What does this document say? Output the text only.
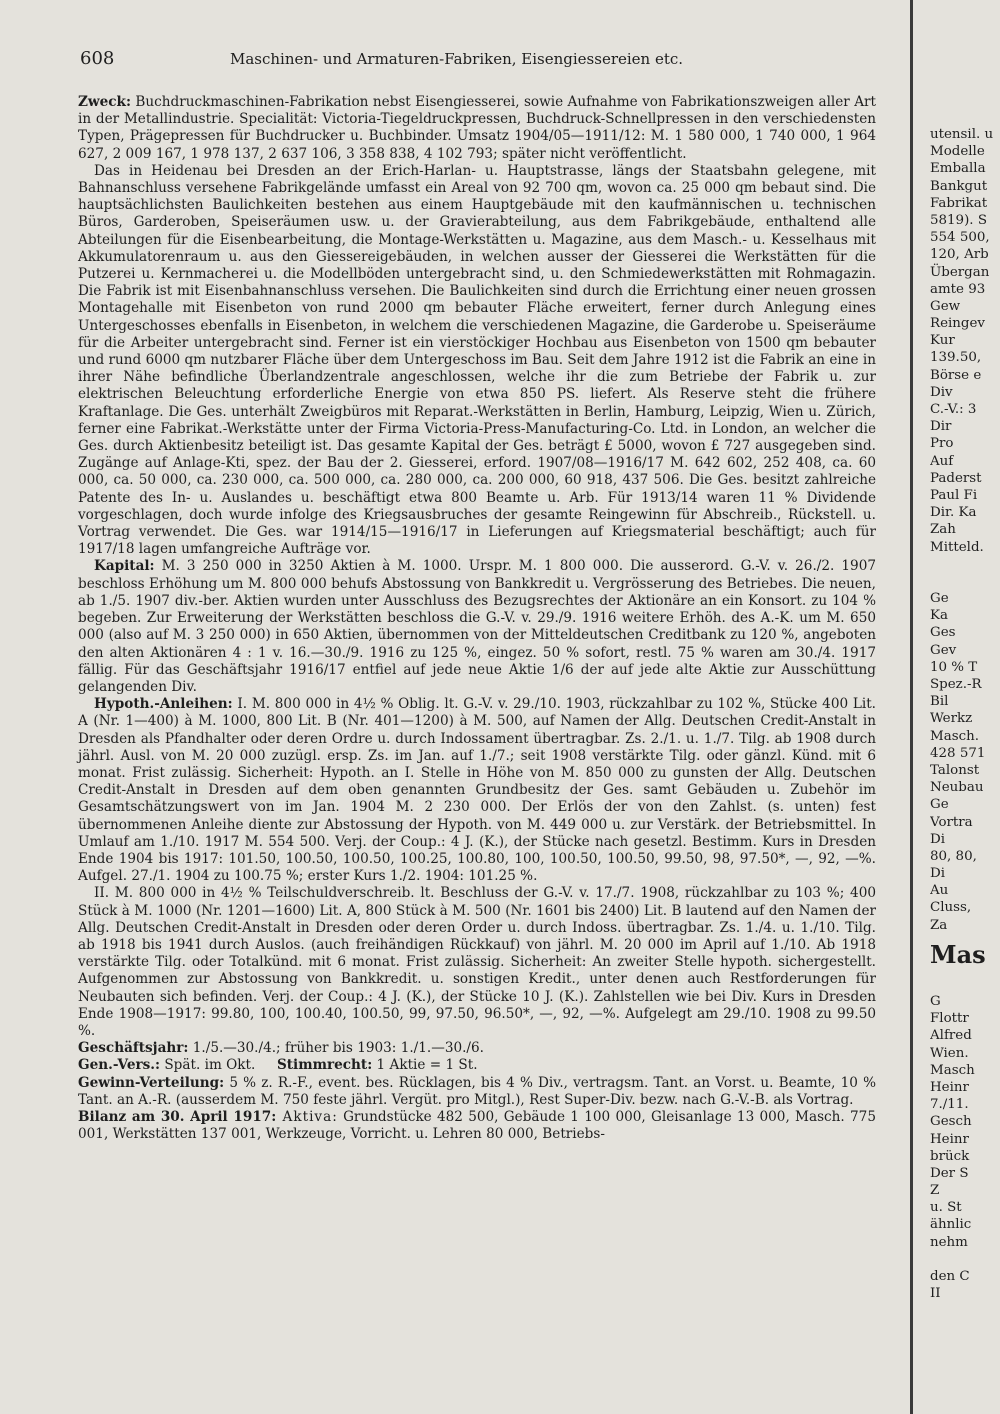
608	Maschinen- und Armaturen-Fabriken, Eisengiessereien etc.

Zweck: Buchdruckmaschinen-Fabrikation nebst Eisengiesserei, sowie Aufnahme von Fabrikationszweigen aller Art in der Metallindustrie. Specialität: Victoria-Tiegeldruckpressen, Buchdruck-Schnellpressen in den verschiedensten Typen, Prägepressen für Buchdrucker u. Buchbinder. Umsatz 1904/05—1911/12: M. 1 580 000, 1 740 000, 1 964 627, 2 009 167, 1 978 137, 2 637 106, 3 358 838, 4 102 793; später nicht veröffentlicht.

Das in Heidenau bei Dresden an der Erich-Harlan- u. Hauptstrasse, längs der Staatsbahn gelegene, mit Bahnanschluss versehene Fabrikgelände umfasst ein Areal von 92 700 qm, wovon ca. 25 000 qm bebaut sind. Die hauptsächlichsten Baulichkeiten bestehen aus einem Hauptgebäude mit den kaufmännischen u. technischen Büros, Garderoben, Speiseräumen usw. u. der Gravierabteilung, aus dem Fabrikgebäude, enthaltend alle Abteilungen für die Eisenbearbeitung, die Montage-Werkstätten u. Magazine, aus dem Masch.- u. Kesselhaus mit Akkumulatorenraum u. aus den Giessereigebäuden, in welchen ausser der Giesserei die Werkstätten für die Putzerei u. Kernmacherei u. die Modellböden untergebracht sind, u. den Schmiedewerkstätten mit Rohmagazin. Die Fabrik ist mit Eisenbahnanschluss versehen. Die Baulichkeiten sind durch die Errichtung einer neuen grossen Montagehalle mit Eisenbeton von rund 2000 qm bebauter Fläche erweitert, ferner durch Anlegung eines Untergeschosses ebenfalls in Eisenbeton, in welchem die verschiedenen Magazine, die Garderobe u. Speiseräume für die Arbeiter untergebracht sind. Ferner ist ein vierstöckiger Hochbau aus Eisenbeton von 1500 qm bebauter und rund 6000 qm nutzbarer Fläche über dem Untergeschoss im Bau. Seit dem Jahre 1912 ist die Fabrik an eine in ihrer Nähe befindliche Überlandzentrale angeschlossen, welche ihr die zum Betriebe der Fabrik u. zur elektrischen Beleuchtung erforderliche Energie von etwa 850 PS. liefert. Als Reserve steht die frühere Kraftanlage. Die Ges. unterhält Zweigbüros mit Reparat.-Werkstätten in Berlin, Hamburg, Leipzig, Wien u. Zürich, ferner eine Fabrikat.-Werkstätte unter der Firma Victoria-Press-Manufacturing-Co. Ltd. in London, an welcher die Ges. durch Aktienbesitz beteiligt ist. Das gesamte Kapital der Ges. beträgt £ 5000, wovon £ 727 ausgegeben sind. Zugänge auf Anlage-Kti, spez. der Bau der 2. Giesserei, erford. 1907/08—1916/17 M. 642 602, 252 408, ca. 60 000, ca. 50 000, ca. 230 000, ca. 500 000, ca. 280 000, ca. 200 000, 60 918, 437 506. Die Ges. besitzt zahlreiche Patente des In- u. Auslandes u. beschäftigt etwa 800 Beamte u. Arb. Für 1913/14 waren 11 % Dividende vorgeschlagen, doch wurde infolge des Kriegsausbruches der gesamte Reingewinn für Abschreib., Rückstell. u. Vortrag verwendet. Die Ges. war 1914/15—1916/17 in Lieferungen auf Kriegsmaterial beschäftigt; auch für 1917/18 lagen umfangreiche Aufträge vor.

Kapital: M. 3 250 000 in 3250 Aktien à M. 1000. Urspr. M. 1 800 000. Die ausserord. G.-V. v. 26./2. 1907 beschloss Erhöhung um M. 800 000 behufs Abstossung von Bankkredit u. Vergrösserung des Betriebes. Die neuen, ab 1./5. 1907 div.-ber. Aktien wurden unter Ausschluss des Bezugsrechtes der Aktionäre an ein Konsort. zu 104 % begeben. Zur Erweiterung der Werkstätten beschloss die G.-V. v. 29./9. 1916 weitere Erhöh. des A.-K. um M. 650 000 (also auf M. 3 250 000) in 650 Aktien, übernommen von der Mitteldeutschen Creditbank zu 120 %, angeboten den alten Aktionären 4 : 1 v. 16.—30./9. 1916 zu 125 %, eingez. 50 % sofort, restl. 75 % waren am 30./4. 1917 fällig. Für das Geschäftsjahr 1916/17 entfiel auf jede neue Aktie 1/6 der auf jede alte Aktie zur Ausschüttung gelangenden Div.

Hypoth.-Anleihen: I. M. 800 000 in 4½ % Oblig. lt. G.-V. v. 29./10. 1903, rückzahlbar zu 102 %, Stücke 400 Lit. A (Nr. 1—400) à M. 1000, 800 Lit. B (Nr. 401—1200) à M. 500, auf Namen der Allg. Deutschen Credit-Anstalt in Dresden als Pfandhalter oder deren Ordre u. durch Indossament übertragbar. Zs. 2./1. u. 1./7. Tilg. ab 1908 durch jährl. Ausl. von M. 20 000 zuzügl. ersp. Zs. im Jan. auf 1./7.; seit 1908 verstärkte Tilg. oder gänzl. Künd. mit 6 monat. Frist zulässig. Sicherheit: Hypoth. an I. Stelle in Höhe von M. 850 000 zu gunsten der Allg. Deutschen Credit-Anstalt in Dresden auf dem oben genannten Grundbesitz der Ges. samt Gebäuden u. Zubehör im Gesamtschätzungswert von im Jan. 1904 M. 2 230 000. Der Erlös der von den Zahlst. (s. unten) fest übernommenen Anleihe diente zur Abstossung der Hypoth. von M. 449 000 u. zur Verstärk. der Betriebsmittel. In Umlauf am 1./10. 1917 M. 554 500. Verj. der Coup.: 4 J. (K.), der Stücke nach gesetzl. Bestimm. Kurs in Dresden Ende 1904 bis 1917: 101.50, 100.50, 100.50, 100.25, 100.80, 100, 100.50, 100.50, 99.50, 98, 97.50*, —, 92, —%. Aufgel. 27./1. 1904 zu 100.75 %; erster Kurs 1./2. 1904: 101.25 %.

II. M. 800 000 in 4½ % Teilschuldverschreib. lt. Beschluss der G.-V. v. 17./7. 1908, rückzahlbar zu 103 %; 400 Stück à M. 1000 (Nr. 1201—1600) Lit. A, 800 Stück à M. 500 (Nr. 1601 bis 2400) Lit. B lautend auf den Namen der Allg. Deutschen Credit-Anstalt in Dresden oder deren Order u. durch Indoss. übertragbar. Zs. 1./4. u. 1./10. Tilg. ab 1918 bis 1941 durch Auslos. (auch freihändigen Rückkauf) von jährl. M. 20 000 im April auf 1./10. Ab 1918 verstärkte Tilg. oder Totalkünd. mit 6 monat. Frist zulässig. Sicherheit: An zweiter Stelle hypoth. sichergestellt. Aufgenommen zur Abstossung von Bankkredit. u. sonstigen Kredit., unter denen auch Restforderungen für Neubauten sich befinden. Verj. der Coup.: 4 J. (K.), der Stücke 10 J. (K.). Zahlstellen wie bei Div. Kurs in Dresden Ende 1908—1917: 99.80, 100, 100.40, 100.50, 99, 97.50, 96.50*, —, 92, —%. Aufgelegt am 29./10. 1908 zu 99.50 %.

Geschäftsjahr: 1./5.—30./4.; früher bis 1903: 1./1.—30./6.

Gen.-Vers.: Spät. im Okt. Stimmrecht: 1 Aktie = 1 St.

Gewinn-Verteilung: 5 % z. R.-F., event. bes. Rücklagen, bis 4 % Div., vertragsm. Tant. an Vorst. u. Beamte, 10 % Tant. an A.-R. (ausserdem M. 750 feste jährl. Vergüt. pro Mitgl.), Rest Super-Div. bezw. nach G.-V.-B. als Vortrag.

Bilanz am 30. April 1917: Aktiva: Grundstücke 482 500, Gebäude 1 100 000, Gleisanlage 13 000, Masch. 775 001, Werkstätten 137 001, Werkzeuge, Vorricht. u. Lehren 80 000, Betriebs-

utensil. u
Modelle
Emballa
Bankgut
Fabrikat
5819). S
554 500,
120, Arb
Übergan
amte 93
Gew
Reingev
Kur
139.50,
Börse e
Div
C.-V.: 3
Dir
Pro
Auf
Paderst
Paul Fi
Dir. Ka
Zah
Mitteld.
Ge
Ka
Ges
Gev
10 % T
Spez.-R
Bil
Werkz
Masch.
428 571
Talonst
Neubau
Ge
Vortra
Di
80, 80,
Di
Au
Cluss,
Za
Mas
G
Flottr
Alfred
Wien.
Masch
Heinr
7./11.
Gesch
Heinr
brück
Der S
Z
u. St
ähnlic
nehm
den C
II
